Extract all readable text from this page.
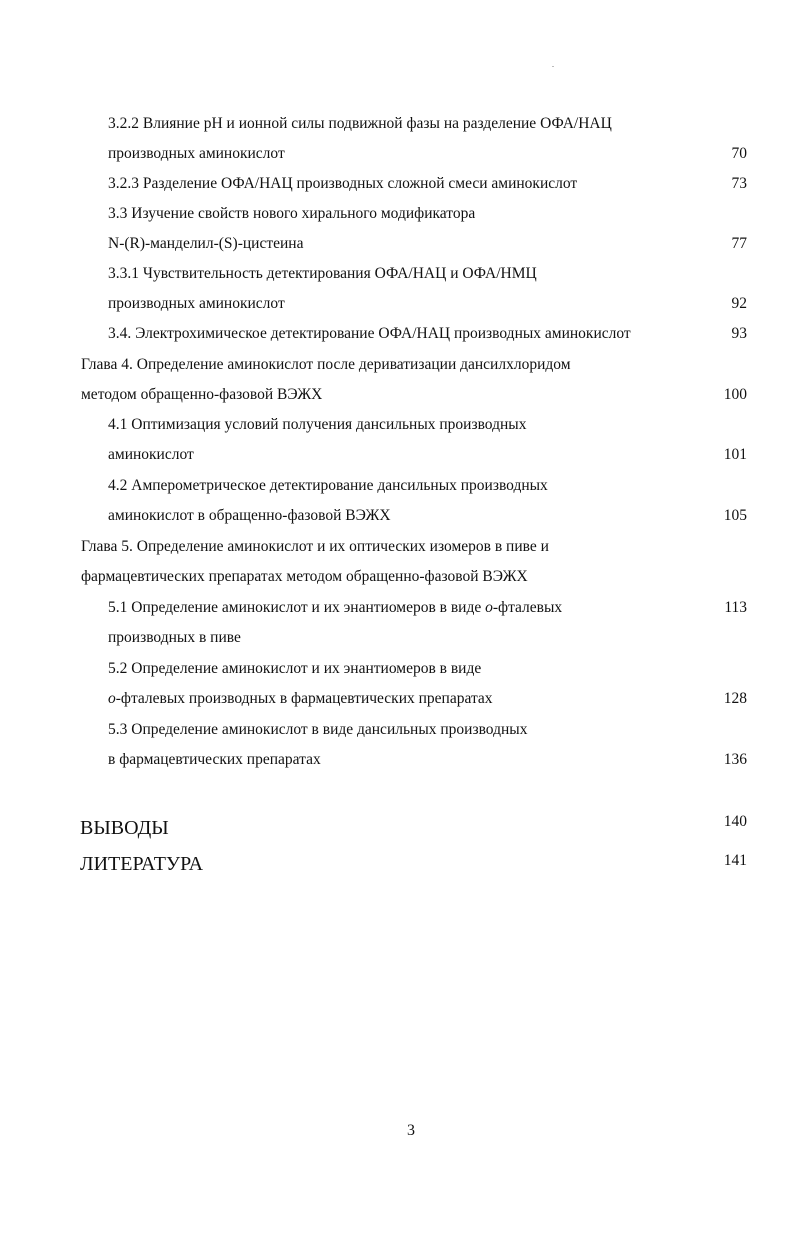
3.2.2 Влияние pH и ионной силы подвижной фазы на разделение ОФА/НАЦ
производных аминокислот	70
3.2.3 Разделение ОФА/НАЦ производных сложной смеси аминокислот	73
3.3 Изучение свойств нового хирального модификатора
N-(R)-манделил-(S)-цистеина	77
3.3.1 Чувствительность детектирования ОФА/НАЦ и ОФА/НМЦ
производных аминокислот	92
3.4. Электрохимическое детектирование ОФА/НАЦ производных аминокислот	93
Глава 4. Определение аминокислот после дериватизации дансилхлоридом
методом обращенно-фазовой ВЭЖХ	100
4.1 Оптимизация условий получения дансильных производных
аминокислот	101
4.2 Амперометрическое детектирование дансильных производных
аминокислот в обращенно-фазовой ВЭЖХ	105
Глава 5. Определение аминокислот и их оптических изомеров в пиве и
фармацевтических препаратах методом обращенно-фазовой ВЭЖХ
5.1 Определение аминокислот и их энантиомеров в виде о-фталевых	113
производных в пиве
5.2 Определение аминокислот и их энантиомеров в виде
о-фталевых производных в фармацевтических препаратах	128
5.3 Определение аминокислот в виде дансильных производных
в фармацевтических препаратах	136
ВЫВОДЫ	140
ЛИТЕРАТУРА	141
3
